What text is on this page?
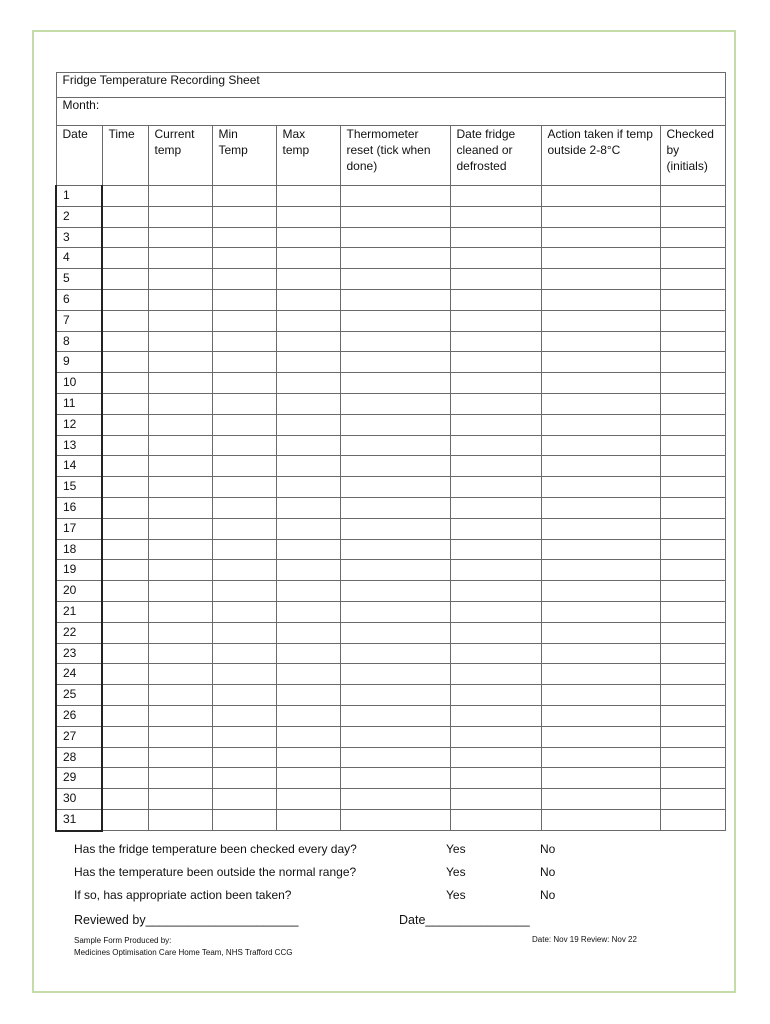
Fridge Temperature Recording Sheet								
Month:								
Date	Time	Current temp	Min Temp	Max temp	Thermometer reset (tick when done)	Date fridge cleaned or defrosted	Action taken if temp outside 2-8°C	Checked by (initials)
1								
2								
3								
4								
5								
6								
7								
8								
9								
10								
11								
12								
13								
14								
15								
16								
17								
18								
19								
20								
21								
22								
23								
24								
25								
26								
27								
28								
29								
30								
31								
Has the fridge temperature been checked every day?	Yes	No
Has the temperature been outside the normal range?	Yes	No
If so, has appropriate action been taken?	Yes	No
Reviewed by______________________	Date_______________
Sample Form Produced by:
Medicines Optimisation Care Home Team, NHS Trafford CCG
Date: Nov 19 Review: Nov 22
